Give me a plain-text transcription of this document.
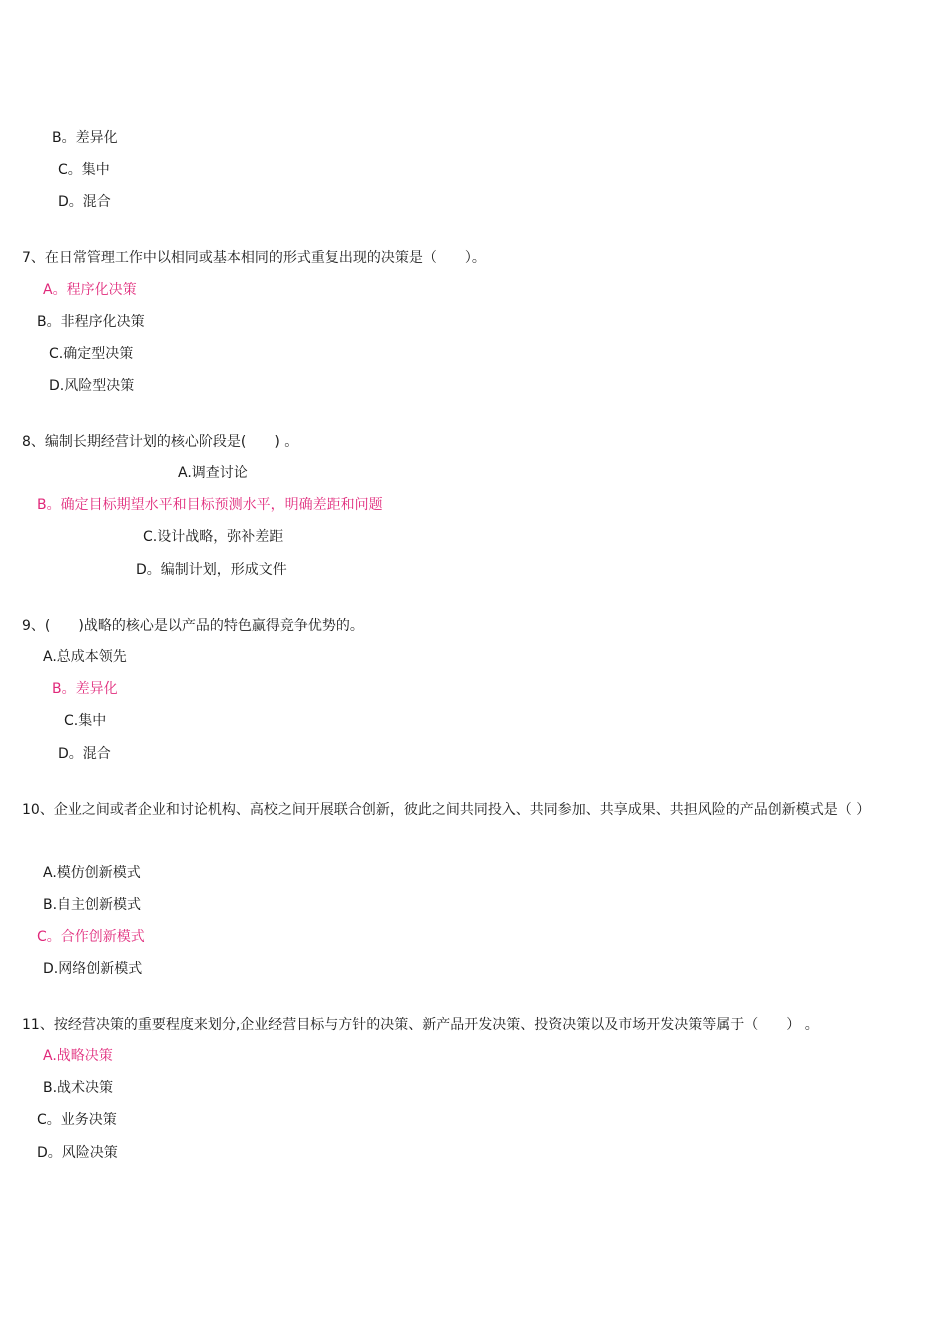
B。差异化
C。集中
D。混合
7、在日常管理工作中以相同或基本相同的形式重复出现的决策是（　　）。
A。程序化决策
B。非程序化决策
C.确定型决策
D.风险型决策
8、编制长期经营计划的核心阶段是(　　) 。
A.调查讨论
B。确定目标期望水平和目标预测水平，明确差距和问题
C.设计战略，弥补差距
D。编制计划，形成文件
9、(　　)战略的核心是以产品的特色赢得竞争优势的。
A.总成本领先
B。差异化
C.集中
D。混合
10、企业之间或者企业和讨论机构、高校之间开展联合创新，彼此之间共同投入、共同参加、共享成果、共担风险的产品创新模式是（ ）
A.模仿创新模式
B.自主创新模式
C。合作创新模式
D.网络创新模式
11、按经营决策的重要程度来划分,企业经营目标与方针的决策、新产品开发决策、投资决策以及市场开发决策等属于（　　） 。
A.战略决策
B.战术决策
C。业务决策
D。风险决策
